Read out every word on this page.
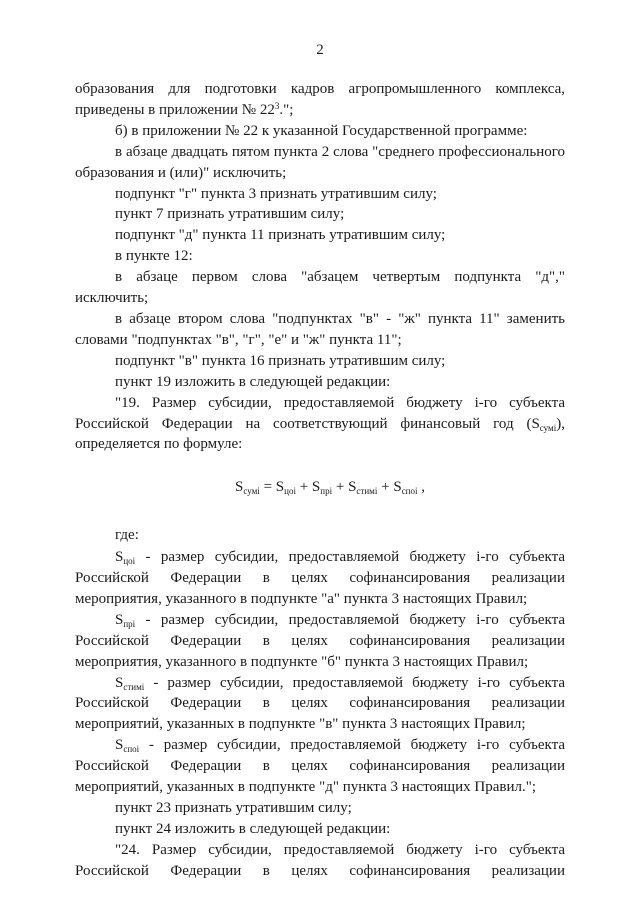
2

образования для подготовки кадров агропромышленного комплекса,

приведены в приложении № $22^3$.";

б) в приложении № 22 к указанной Государственной программе:

в абзаце двадцать пятом пункта 2 слова "среднего профессионального образования и (или)" исключить;

подпункт "г" пункта 3 признать утратившим силу;

пункт 7 признать утратившим силу;

подпункт "д" пункта 11 признать утратившим силу;

в пункте 12:

в абзаце первом слова "абзацем четвертым подпункта "д"," исключить;

в абзаце втором слова "подпунктах "в" - "ж" пункта 11" заменить словами "подпунктах "в", "г", "е" и "ж" пункта 11";

подпункт "в" пункта 16 признать утратившим силу;

пункт 19 изложить в следующей редакции:

"19. Размер субсидии, предоставляемой бюджету i-го субъекта Российской Федерации на соответствующий финансовый год $(S_{сумi})$, определяется по формуле:

$S_{сумi} = S_{цоi} + S_{прi} + S_{стимi} + S_{споi}$ ,

где:

$S_{цоi}$ - размер субсидии, предоставляемой бюджету i-го субъекта Российской Федерации в целях софинансирования реализации мероприятия, указанного в подпункте "а" пункта 3 настоящих Правил;

$S_{прi}$ - размер субсидии, предоставляемой бюджету i-го субъекта Российской Федерации в целях софинансирования реализации мероприятия, указанного в подпункте "б" пункта 3 настоящих Правил;

$S_{стимi}$ - размер субсидии, предоставляемой бюджету i-го субъекта Российской Федерации в целях софинансирования реализации мероприятий, указанных в подпункте "в" пункта 3 настоящих Правил;

$S_{споi}$ - размер субсидии, предоставляемой бюджету i-го субъекта Российской Федерации в целях софинансирования реализации мероприятий, указанных в подпункте "д" пункта 3 настоящих Правил.";

пункт 23 признать утратившим силу;

пункт 24 изложить в следующей редакции:

"24. Размер субсидии, предоставляемой бюджету i-го субъекта

Российской Федерации в целях софинансирования реализации
